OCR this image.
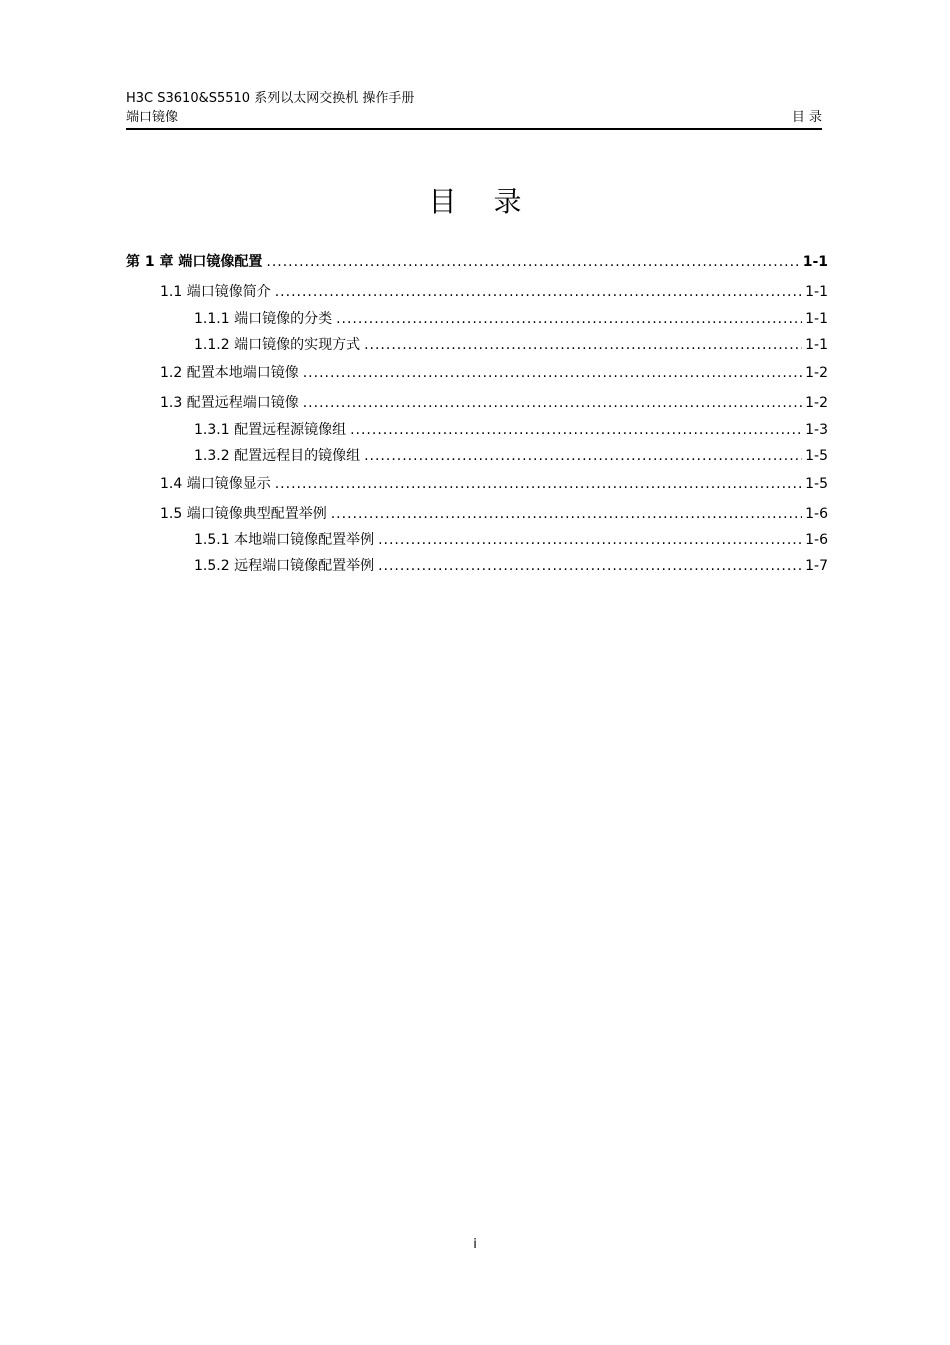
H3C S3610&S5510 系列以太网交换机 操作手册
端口镜像	目 录
目 录
第 1 章 端口镜像配置 .....	1-1
1.1 端口镜像简介 .....	1-1
1.1.1 端口镜像的分类 .....	1-1
1.1.2 端口镜像的实现方式 .....	1-1
1.2 配置本地端口镜像 .....	1-2
1.3 配置远程端口镜像 .....	1-2
1.3.1 配置远程源镜像组 .....	1-3
1.3.2 配置远程目的镜像组 .....	1-5
1.4 端口镜像显示 .....	1-5
1.5 端口镜像典型配置举例 .....	1-6
1.5.1 本地端口镜像配置举例 .....	1-6
1.5.2 远程端口镜像配置举例 .....	1-7
i
